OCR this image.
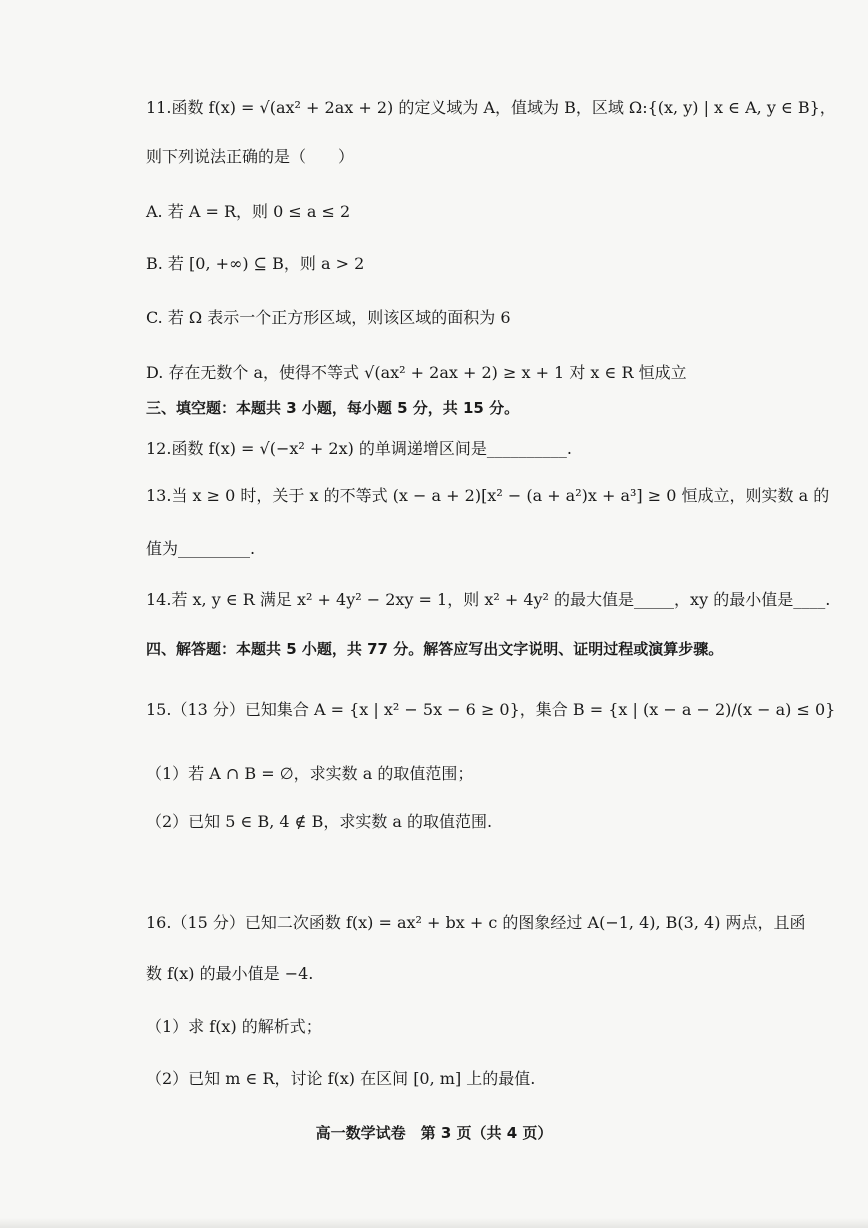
11.函数 f(x) = √(ax² + 2ax + 2) 的定义域为 A，值域为 B，区域 Ω:{(x, y) | x ∈ A, y ∈ B}，
则下列说法正确的是（　　）
A. 若 A = R，则 0 ≤ a ≤ 2
B. 若 [0, +∞) ⊆ B，则 a > 2
C. 若 Ω 表示一个正方形区域，则该区域的面积为 6
D. 存在无数个 a，使得不等式 √(ax² + 2ax + 2) ≥ x + 1 对 x ∈ R 恒成立
三、填空题：本题共 3 小题，每小题 5 分，共 15 分。
12.函数 f(x) = √(−x² + 2x) 的单调递增区间是__________.
13.当 x ≥ 0 时，关于 x 的不等式 (x − a + 2)[x² − (a + a²)x + a³] ≥ 0 恒成立，则实数 a 的
值为_________.
14.若 x, y ∈ R 满足 x² + 4y² − 2xy = 1，则 x² + 4y² 的最大值是_____，xy 的最小值是____.
四、解答题：本题共 5 小题，共 77 分。解答应写出文字说明、证明过程或演算步骤。
15.（13 分）已知集合 A = {x | x² − 5x − 6 ≥ 0}，集合 B = {x | (x − a − 2)/(x − a) ≤ 0}
（1）若 A ∩ B = ∅，求实数 a 的取值范围；
（2）已知 5 ∈ B, 4 ∉ B，求实数 a 的取值范围.
16.（15 分）已知二次函数 f(x) = ax² + bx + c 的图象经过 A(−1, 4), B(3, 4) 两点，且函
数 f(x) 的最小值是 −4.
（1）求 f(x) 的解析式；
（2）已知 m ∈ R，讨论 f(x) 在区间 [0, m] 上的最值.
高一数学试卷　第 3 页（共 4 页）
